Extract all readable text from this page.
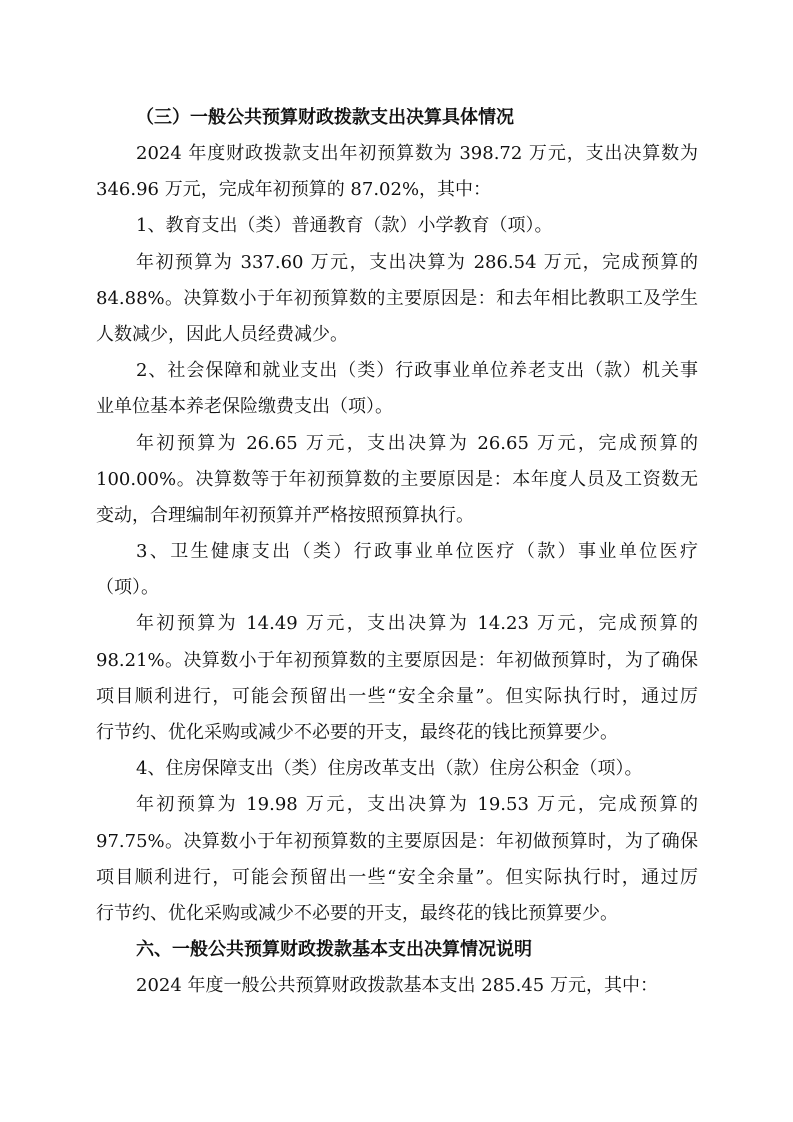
（三）一般公共预算财政拨款支出决算具体情况
2024 年度财政拨款支出年初预算数为 398.72 万元，支出决算数为
346.96 万元，完成年初预算的 87.02%，其中：
1、教育支出（类）普通教育（款）小学教育（项）。
年初预算为 337.60 万元，支出决算为 286.54 万元，完成预算的
84.88%。决算数小于年初预算数的主要原因是：和去年相比教职工及学生
人数减少，因此人员经费减少。
2、社会保障和就业支出（类）行政事业单位养老支出（款）机关事
业单位基本养老保险缴费支出（项）。
年初预算为 26.65 万元，支出决算为 26.65 万元，完成预算的
100.00%。决算数等于年初预算数的主要原因是：本年度人员及工资数无
变动，合理编制年初预算并严格按照预算执行。
3、卫生健康支出（类）行政事业单位医疗（款）事业单位医疗
（项）。
年初预算为 14.49 万元，支出决算为 14.23 万元，完成预算的
98.21%。决算数小于年初预算数的主要原因是：年初做预算时，为了确保
项目顺利进行，可能会预留出一些“安全余量”。但实际执行时，通过厉
行节约、优化采购或减少不必要的开支，最终花的钱比预算要少。
4、住房保障支出（类）住房改革支出（款）住房公积金（项）。
年初预算为 19.98 万元，支出决算为 19.53 万元，完成预算的
97.75%。决算数小于年初预算数的主要原因是：年初做预算时，为了确保
项目顺利进行，可能会预留出一些“安全余量”。但实际执行时，通过厉
行节约、优化采购或减少不必要的开支，最终花的钱比预算要少。
六、一般公共预算财政拨款基本支出决算情况说明
2024 年度一般公共预算财政拨款基本支出 285.45 万元，其中：
